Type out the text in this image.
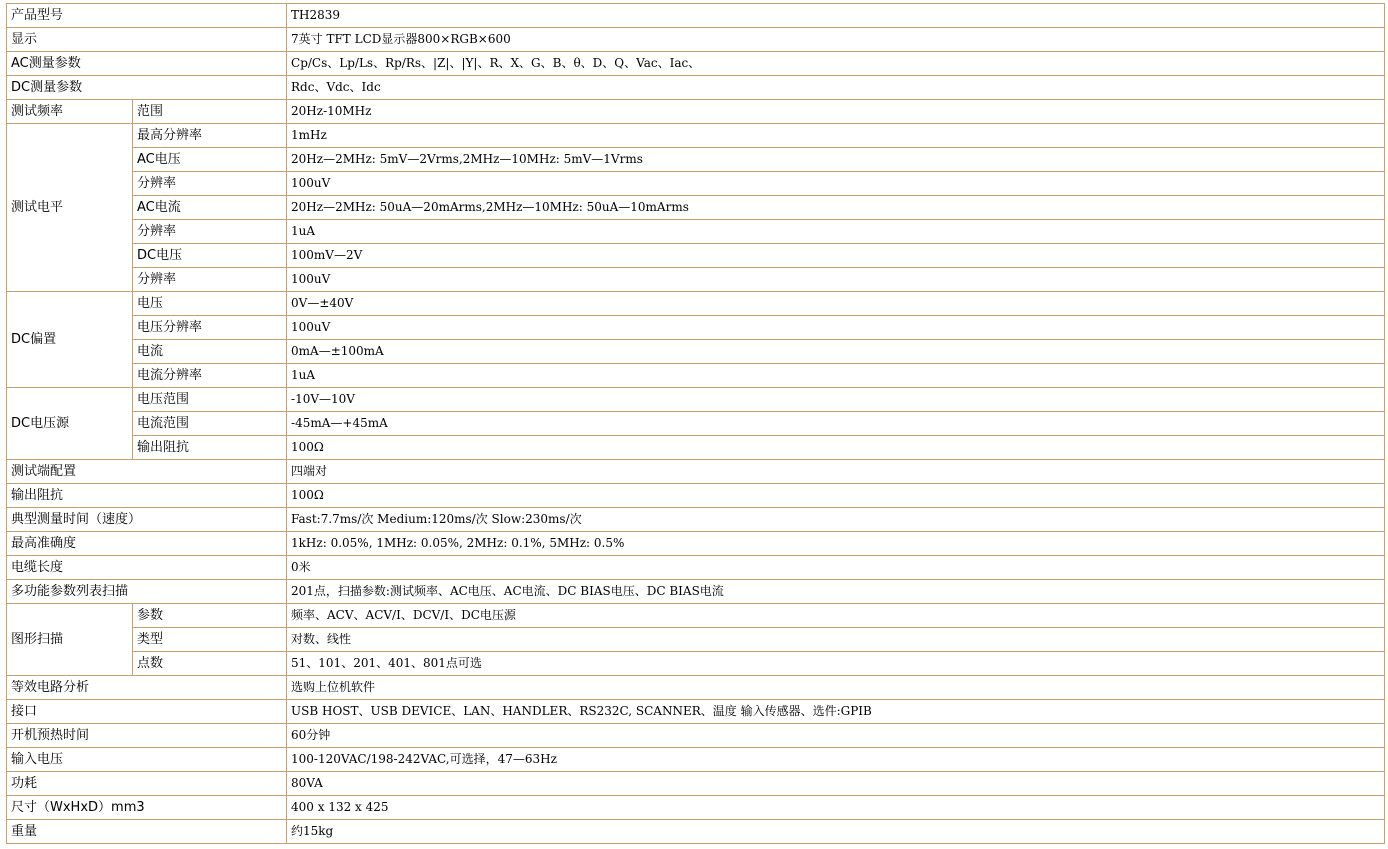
产品型号		TH2839
显示		7英寸 TFT LCD显示器800×RGB×600
AC测量参数		Cp/Cs、Lp/Ls、Rp/Rs、|Z|、|Y|、R、X、G、B、θ、D、Q、Vac、Iac、
DC测量参数		Rdc、Vdc、Idc
测试频率	范围	20Hz-10MHz
测试电平	最高分辨率	1mHz
	AC电压	20Hz—2MHz: 5mV—2Vrms,2MHz—10MHz: 5mV—1Vrms
	分辨率	100uV
	AC电流	20Hz—2MHz: 50uA—20mArms,2MHz—10MHz: 50uA—10mArms
	分辨率	1uA
	DC电压	100mV—2V
	分辨率	100uV
DC偏置	电压	0V—±40V
	电压分辨率	100uV
	电流	0mA—±100mA
	电流分辨率	1uA
DC电压源	电压范围	-10V—10V
	电流范围	-45mA—+45mA
	输出阻抗	100Ω
测试端配置		四端对
输出阻抗		100Ω
典型测量时间（速度）		Fast:7.7ms/次 Medium:120ms/次 Slow:230ms/次
最高准确度		1kHz: 0.05%, 1MHz: 0.05%, 2MHz: 0.1%, 5MHz: 0.5%
电缆长度		0米
多功能参数列表扫描		201点，扫描参数:测试频率、AC电压、AC电流、DC BIAS电压、DC BIAS电流
图形扫描	参数	频率、ACV、ACV/I、DCV/I、DC电压源
	类型	对数、线性
	点数	51、101、201、401、801点可选
等效电路分析		选购上位机软件
接口		USB HOST、USB DEVICE、LAN、HANDLER、RS232C, SCANNER、温度 输入传感器、选件:GPIB
开机预热时间		60分钟
输入电压		100-120VAC/198-242VAC,可选择，47—63Hz
功耗		80VA
尺寸（WxHxD）mm3		400 x 132 x 425
重量		约15kg
